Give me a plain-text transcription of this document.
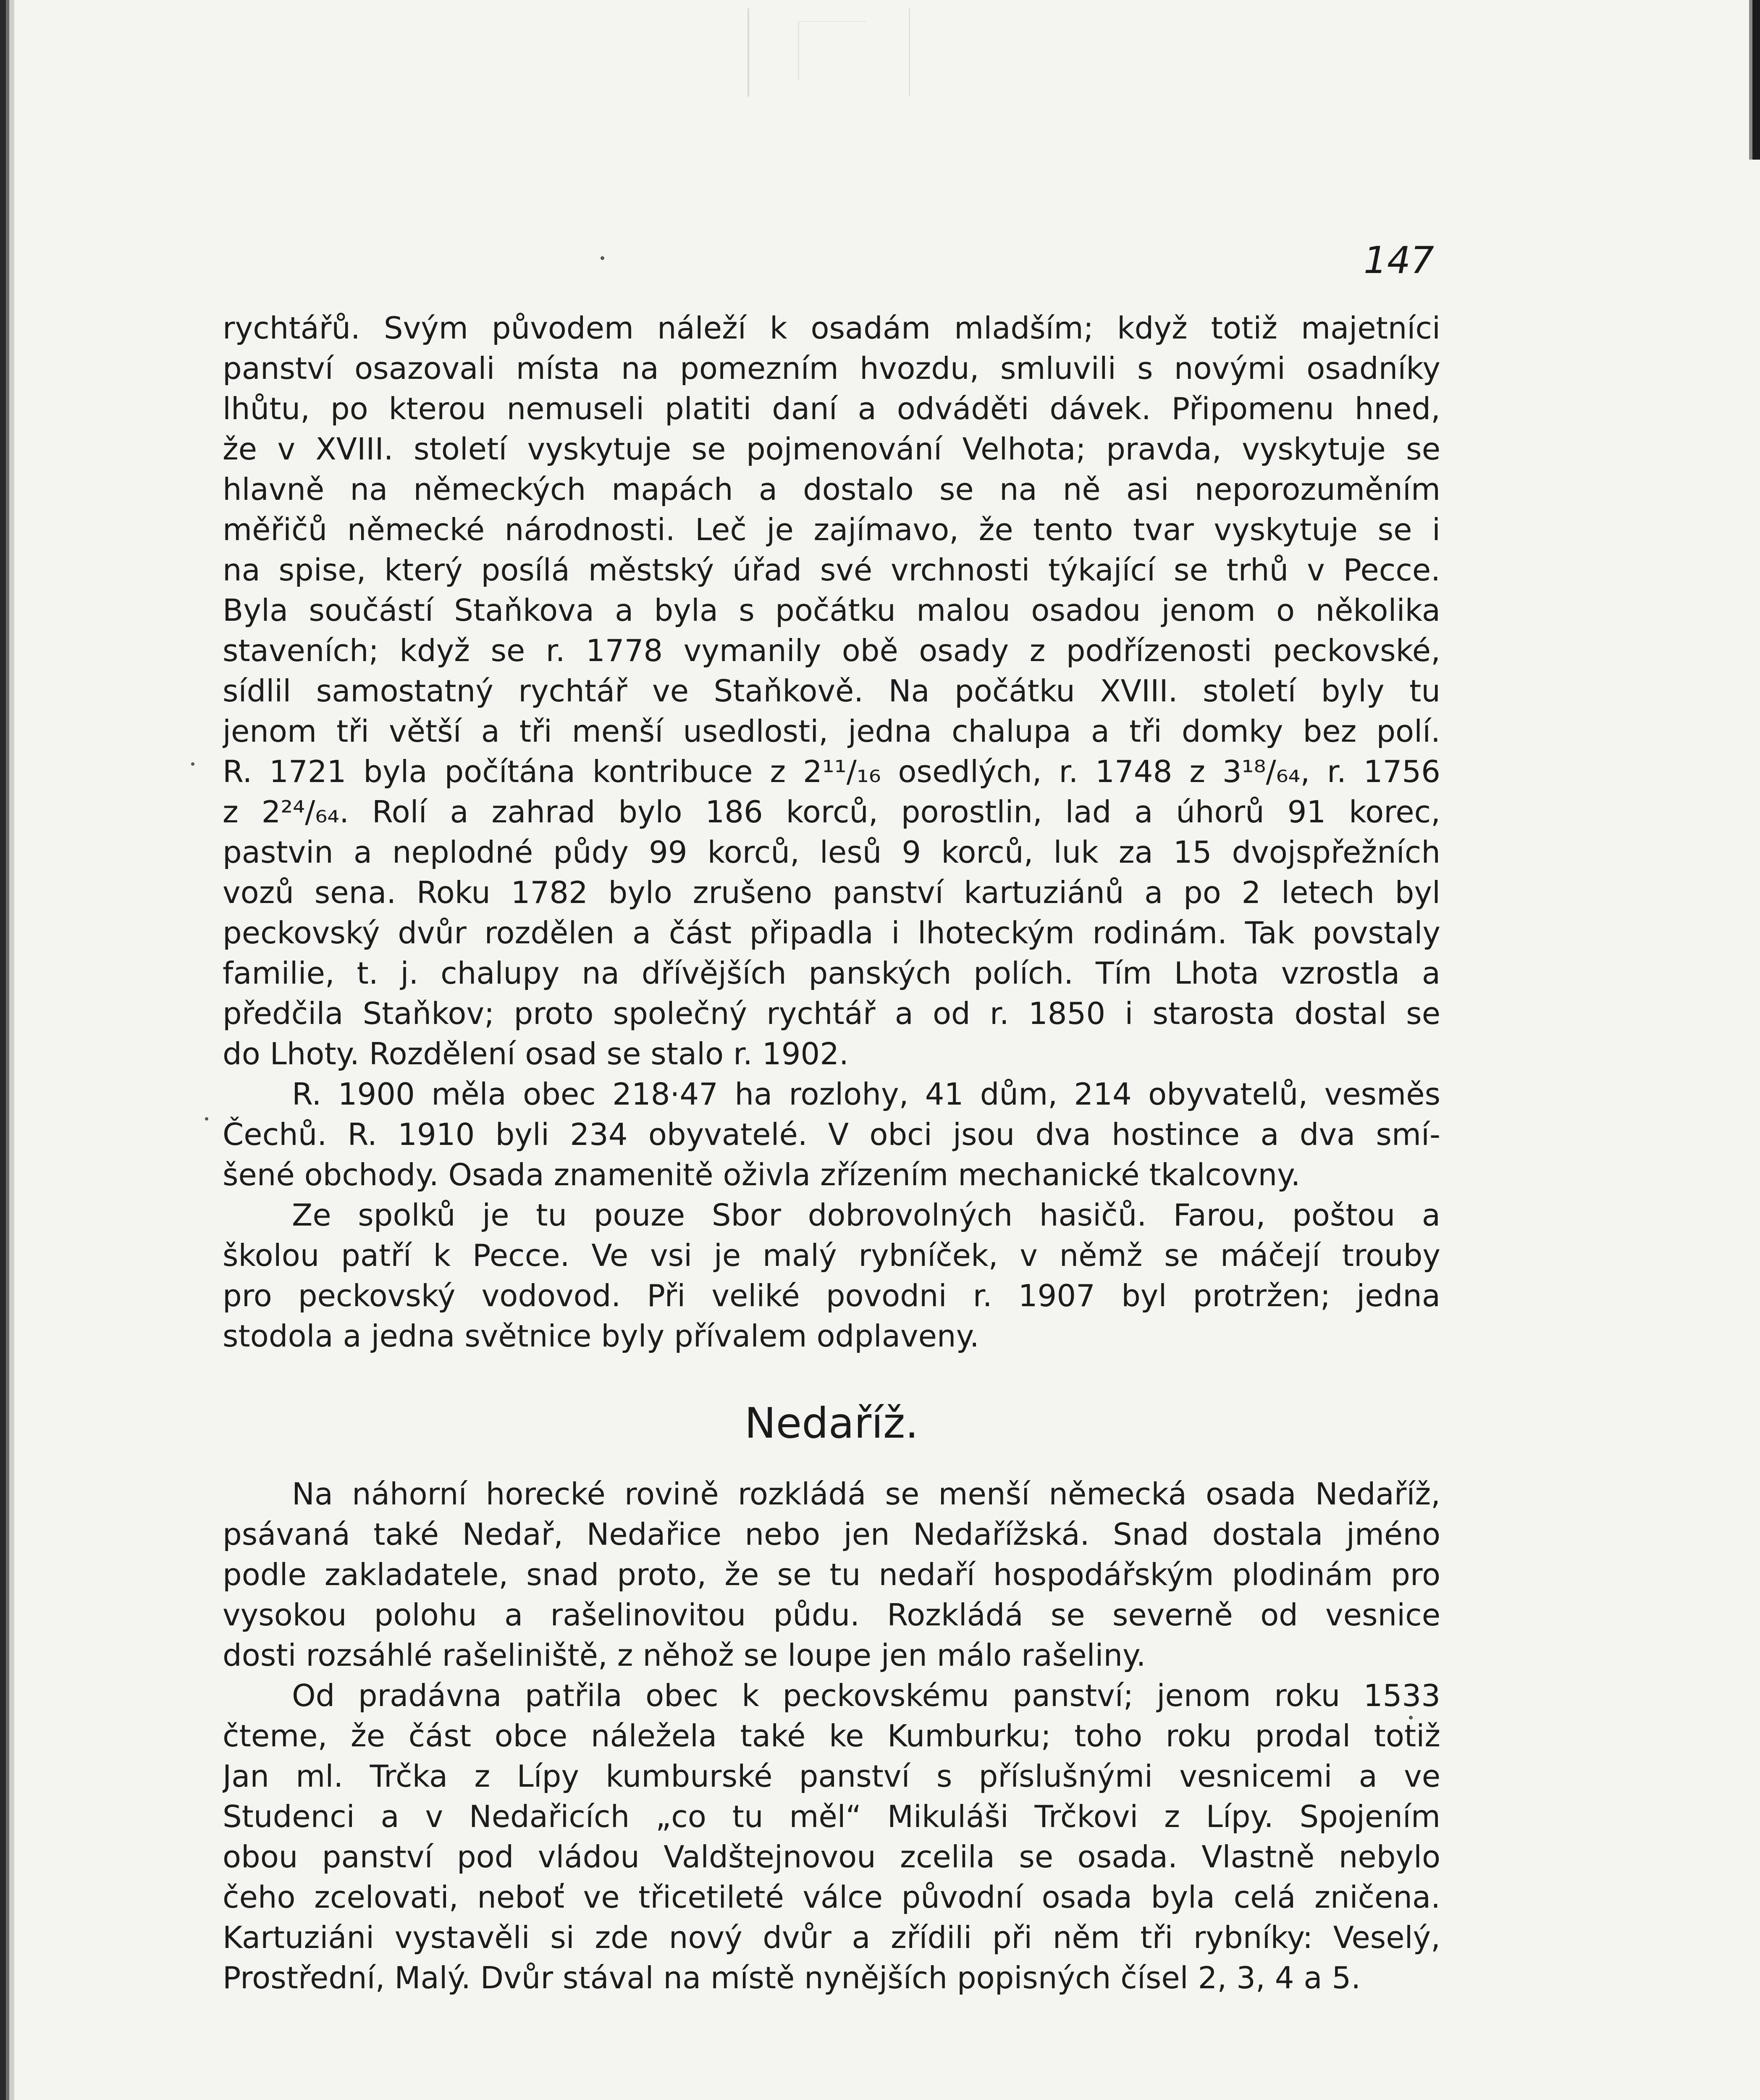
147
rychtářů. Svým původem náleží k osadám mladším; když totiž majetníci
panství osazovali místa na pomezním hvozdu, smluvili s novými osadníky
lhůtu, po kterou nemuseli platiti daní a odváděti dávek. Připomenu hned,
že v XVIII. století vyskytuje se pojmenování Velhota; pravda, vyskytuje se
hlavně na německých mapách a dostalo se na ně asi neporozuměním
měřičů německé národnosti. Leč je zajímavo, že tento tvar vyskytuje se i
na spise, který posílá městský úřad své vrchnosti týkající se trhů v Pecce.
Byla součástí Staňkova a byla s počátku malou osadou jenom o několika
staveních; když se r. 1778 vymanily obě osady z podřízenosti peckovské,
sídlil samostatný rychtář ve Staňkově. Na počátku XVIII. století byly tu
jenom tři větší a tři menší usedlosti, jedna chalupa a tři domky bez polí.
R. 1721 byla počítána kontribuce z 2¹¹/₁₆ osedlých, r. 1748 z 3¹⁸/₆₄, r. 1756
z 2²⁴/₆₄. Rolí a zahrad bylo 186 korců, porostlin, lad a úhorů 91 korec,
pastvin a neplodné půdy 99 korců, lesů 9 korců, luk za 15 dvojspřežních
vozů sena. Roku 1782 bylo zrušeno panství kartuziánů a po 2 letech byl
peckovský dvůr rozdělen a část připadla i lhoteckým rodinám. Tak povstaly
familie, t. j. chalupy na dřívějších panských polích. Tím Lhota vzrostla a
předčila Staňkov; proto společný rychtář a od r. 1850 i starosta dostal se
do Lhoty. Rozdělení osad se stalo r. 1902.
R. 1900 měla obec 218·47 ha rozlohy, 41 dům, 214 obyvatelů, vesměs
Čechů. R. 1910 byli 234 obyvatelé. V obci jsou dva hostince a dva smí-
šené obchody. Osada znamenitě oživla zřízením mechanické tkalcovny.
Ze spolků je tu pouze Sbor dobrovolných hasičů. Farou, poštou a
školou patří k Pecce. Ve vsi je malý rybníček, v němž se máčejí trouby
pro peckovský vodovod. Při veliké povodni r. 1907 byl protržen; jedna
stodola a jedna světnice byly přívalem odplaveny.
Nedaříž.
Na náhorní horecké rovině rozkládá se menší německá osada Nedaříž,
psávaná také Nedař, Nedařice nebo jen Nedařížská. Snad dostala jméno
podle zakladatele, snad proto, že se tu nedaří hospodářským plodinám pro
vysokou polohu a rašelinovitou půdu. Rozkládá se severně od vesnice
dosti rozsáhlé rašeliniště, z něhož se loupe jen málo rašeliny.
Od pradávna patřila obec k peckovskému panství; jenom roku 1533
čteme, že část obce náležela také ke Kumburku; toho roku prodal totiž
Jan ml. Trčka z Lípy kumburské panství s příslušnými vesnicemi a ve
Studenci a v Nedařicích „co tu měl“ Mikuláši Trčkovi z Lípy. Spojením
obou panství pod vládou Valdštejnovou zcelila se osada. Vlastně nebylo
čeho zcelovati, neboť ve třicetileté válce původní osada byla celá zničena.
Kartuziáni vystavěli si zde nový dvůr a zřídili při něm tři rybníky: Veselý,
Prostřední, Malý. Dvůr stával na místě nynějších popisných čísel 2, 3, 4 a 5.
